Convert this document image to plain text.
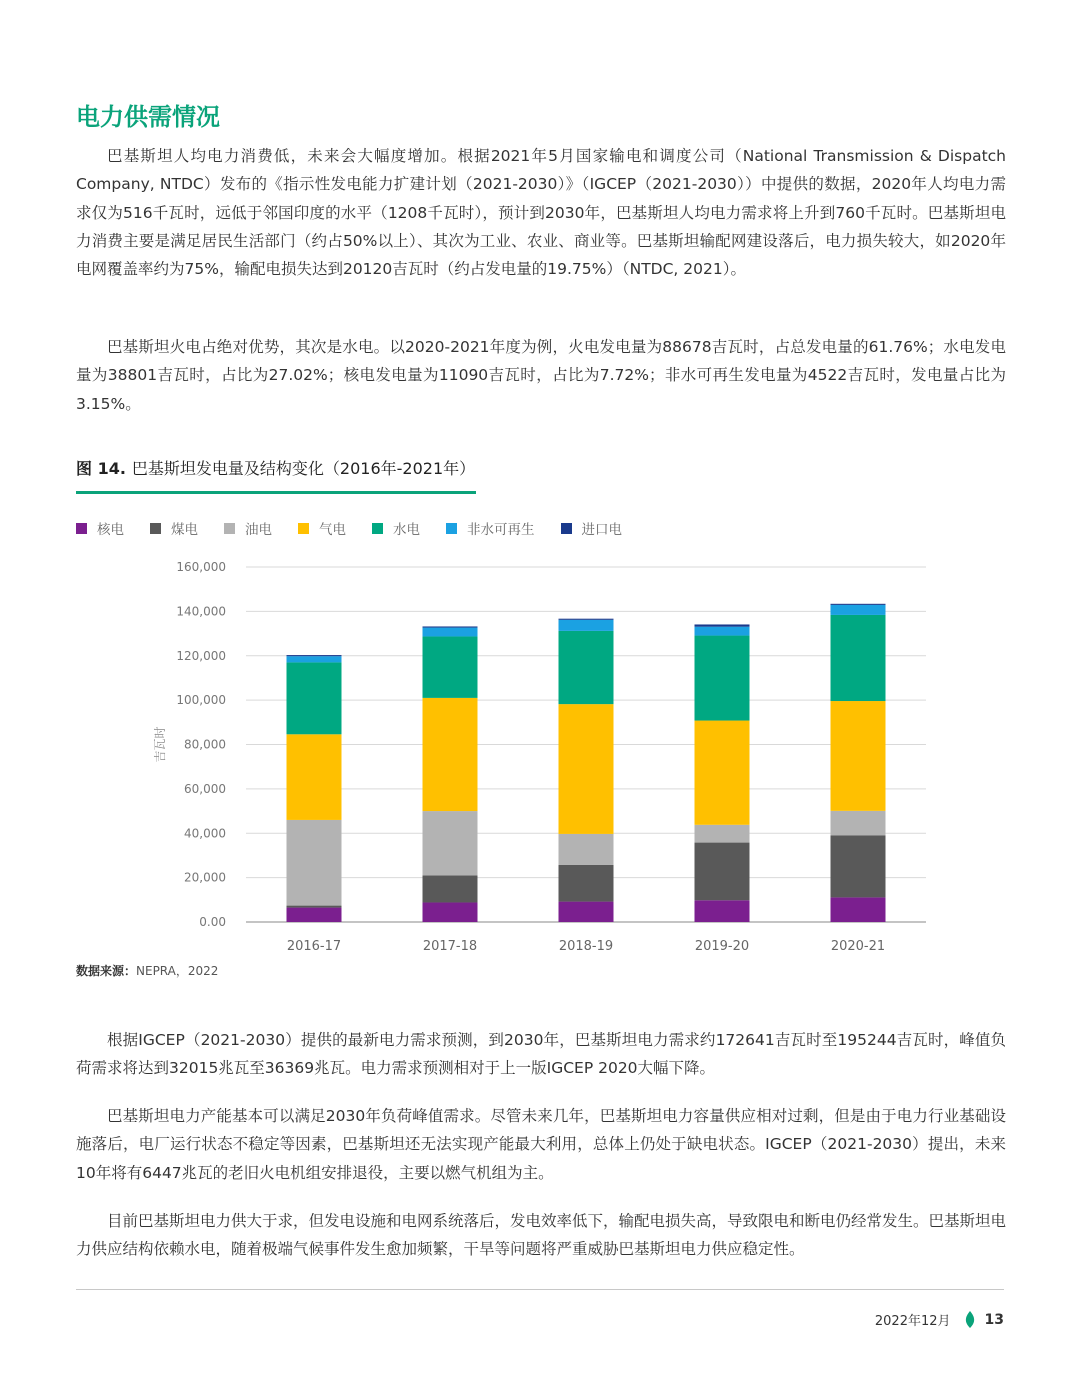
电力供需情况

巴基斯坦人均电力消费低，未来会大幅度增加。根据2021年5月国家输电和调度公司（National Transmission & Dispatch Company, NTDC）发布的《指示性发电能力扩建计划（2021-2030）》（IGCEP（2021-2030））中提供的数据，2020年人均电力需求仅为516千瓦时，远低于邻国印度的水平（1208千瓦时），预计到2030年，巴基斯坦人均电力需求将上升到760千瓦时。巴基斯坦电力消费主要是满足居民生活部门（约占50%以上）、其次为工业、农业、商业等。巴基斯坦输配网建设落后，电力损失较大，如2020年电网覆盖率约为75%，输配电损失达到20120吉瓦时（约占发电量的19.75%）（NTDC, 2021）。

巴基斯坦火电占绝对优势，其次是水电。以2020-2021年度为例，火电发电量为88678吉瓦时，占总发电量的61.76%；水电发电量为38801吉瓦时，占比为27.02%；核电发电量为11090吉瓦时，占比为7.72%；非水可再生发电量为4522吉瓦时，发电量占比为3.15%。

图 14. 巴基斯坦发电量及结构变化（2016年-2021年）
核电	煤电	油电	气电	水电	非水可再生	进口电
0.00
20,000
40,000
60,000
80,000
100,000
120,000
140,000
160,000
吉瓦时
2016-17	2017-18	2018-19	2019-20	2020-21

数据来源：NEPRA，2022

根据IGCEP（2021-2030）提供的最新电力需求预测，到2030年，巴基斯坦电力需求约172641吉瓦时至195244吉瓦时，峰值负荷需求将达到32015兆瓦至36369兆瓦。电力需求预测相对于上一版IGCEP 2020大幅下降。

巴基斯坦电力产能基本可以满足2030年负荷峰值需求。尽管未来几年，巴基斯坦电力容量供应相对过剩，但是由于电力行业基础设施落后，电厂运行状态不稳定等因素，巴基斯坦还无法实现产能最大利用，总体上仍处于缺电状态。IGCEP（2021-2030）提出，未来10年将有6447兆瓦的老旧火电机组安排退役，主要以燃气机组为主。

目前巴基斯坦电力供大于求，但发电设施和电网系统落后，发电效率低下，输配电损失高，导致限电和断电仍经常发生。巴基斯坦电力供应结构依赖水电，随着极端气候事件发生愈加频繁，干旱等问题将严重威胁巴基斯坦电力供应稳定性。

2022年12月 13
